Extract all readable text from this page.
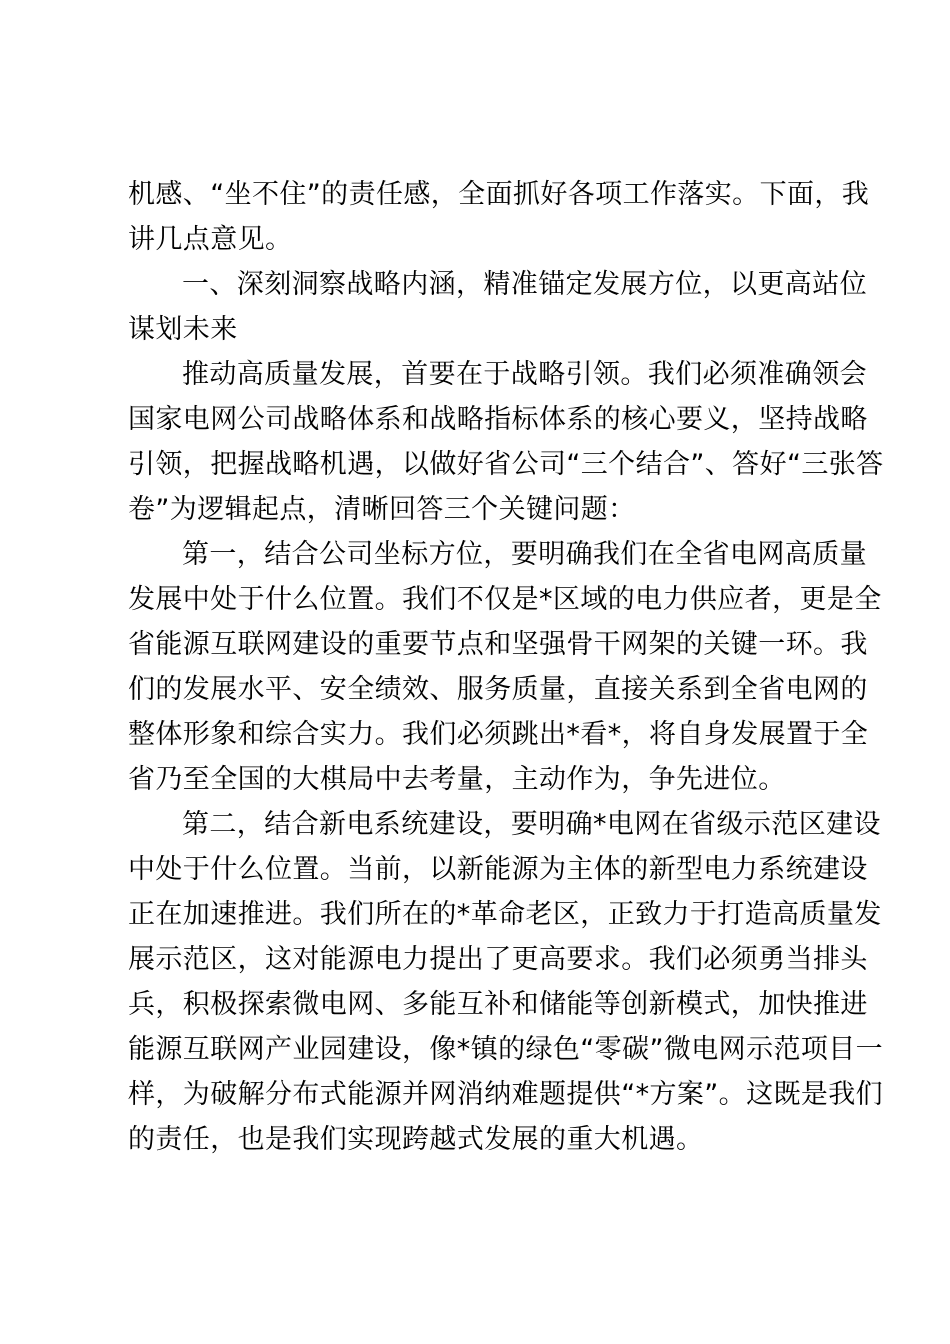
机感、“坐不住”的责任感，全面抓好各项工作落实。下面，我
讲几点意见。

一、深刻洞察战略内涵，精准锚定发展方位，以更高站位
谋划未来

推动高质量发展，首要在于战略引领。我们必须准确领会
国家电网公司战略体系和战略指标体系的核心要义，坚持战略
引领，把握战略机遇，以做好省公司“三个结合”、答好“三张答
卷”为逻辑起点，清晰回答三个关键问题：

第一，结合公司坐标方位，要明确我们在全省电网高质量
发展中处于什么位置。我们不仅是*区域的电力供应者，更是全
省能源互联网建设的重要节点和坚强骨干网架的关键一环。我
们的发展水平、安全绩效、服务质量，直接关系到全省电网的
整体形象和综合实力。我们必须跳出*看*，将自身发展置于全
省乃至全国的大棋局中去考量，主动作为，争先进位。

第二，结合新电系统建设，要明确*电网在省级示范区建设
中处于什么位置。当前，以新能源为主体的新型电力系统建设
正在加速推进。我们所在的*革命老区，正致力于打造高质量发
展示范区，这对能源电力提出了更高要求。我们必须勇当排头
兵，积极探索微电网、多能互补和储能等创新模式，加快推进
能源互联网产业园建设，像*镇的绿色“零碳”微电网示范项目一
样，为破解分布式能源并网消纳难题提供“*方案”。这既是我们
的责任，也是我们实现跨越式发展的重大机遇。
